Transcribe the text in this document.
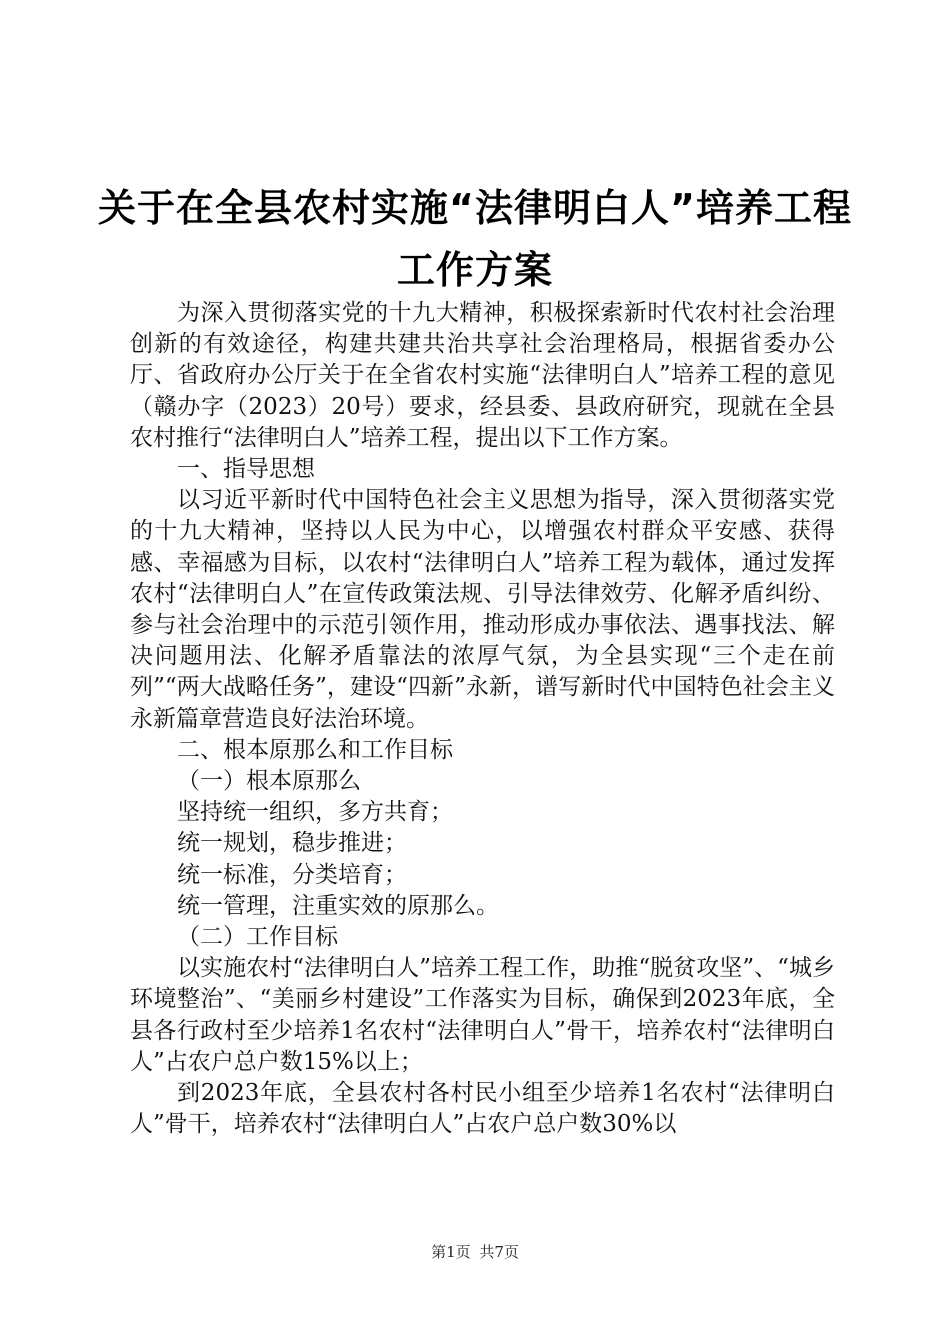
关于在全县农村实施“法律明白人”培养工程
工作方案

为深入贯彻落实党的十九大精神，积极探索新时代农村社会治理创新的有效途径，构建共建共治共享社会治理格局，根据省委办公厅、省政府办公厅关于在全省农村实施“法律明白人”培养工程的意见（赣办字（2023）20号）要求，经县委、县政府研究，现就在全县农村推行“法律明白人”培养工程，提出以下工作方案。

一、指导思想

以习近平新时代中国特色社会主义思想为指导，深入贯彻落实党的十九大精神，坚持以人民为中心，以增强农村群众平安感、获得感、幸福感为目标，以农村“法律明白人”培养工程为载体，通过发挥农村“法律明白人”在宣传政策法规、引导法律效劳、化解矛盾纠纷、参与社会治理中的示范引领作用，推动形成办事依法、遇事找法、解决问题用法、化解矛盾靠法的浓厚气氛，为全县实现“三个走在前列”“两大战略任务”，建设“四新”永新，谱写新时代中国特色社会主义永新篇章营造良好法治环境。

二、根本原那么和工作目标

（一）根本原那么

坚持统一组织，多方共育；

统一规划，稳步推进；

统一标准，分类培育；

统一管理，注重实效的原那么。

（二）工作目标

以实施农村“法律明白人”培养工程工作，助推“脱贫攻坚”、“城乡环境整治”、“美丽乡村建设”工作落实为目标，确保到2023年底，全县各行政村至少培养1名农村“法律明白人”骨干，培养农村“法律明白人”占农户总户数15%以上；

到2023年底，全县农村各村民小组至少培养1名农村“法律明白人”骨干，培养农村“法律明白人”占农户总户数30%以

第1页 共7页
